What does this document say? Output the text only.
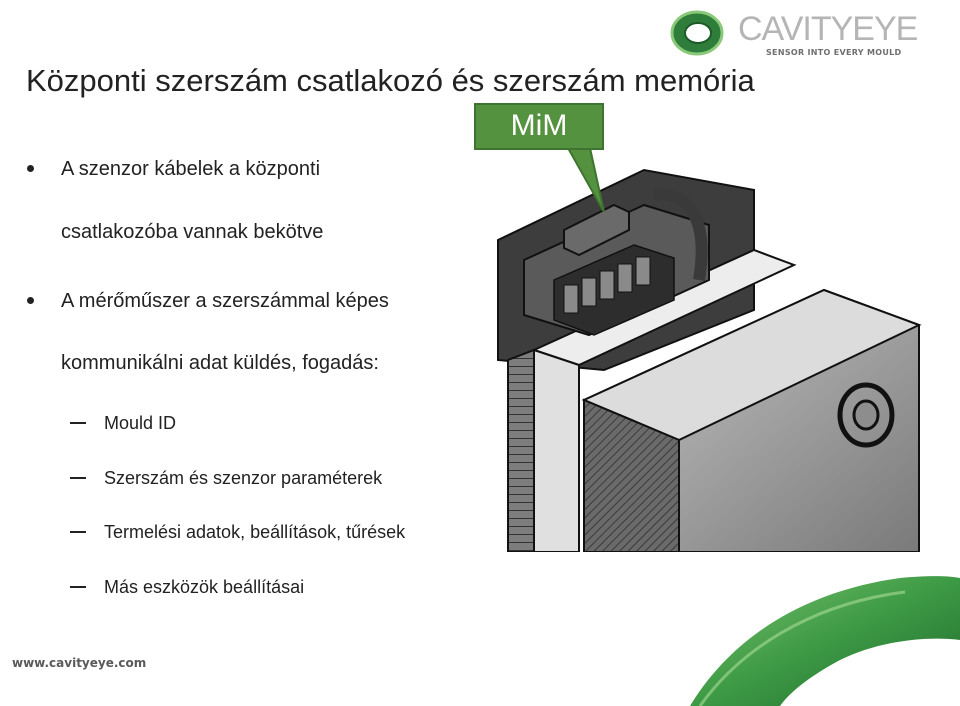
CAVITYEYE
SENSOR INTO EVERY MOULD
Központi szerszám csatlakozó és szerszám memória
A szenzor kábelek a központi
csatlakozóba vannak bekötve
A mérőműszer a szerszámmal képes
kommunikálni adat küldés, fogadás:
Mould ID
Szerszám és szenzor paraméterek
Termelési adatok, beállítások, tűrések
Más eszközök beállításai
MiM
www.cavityeye.com
